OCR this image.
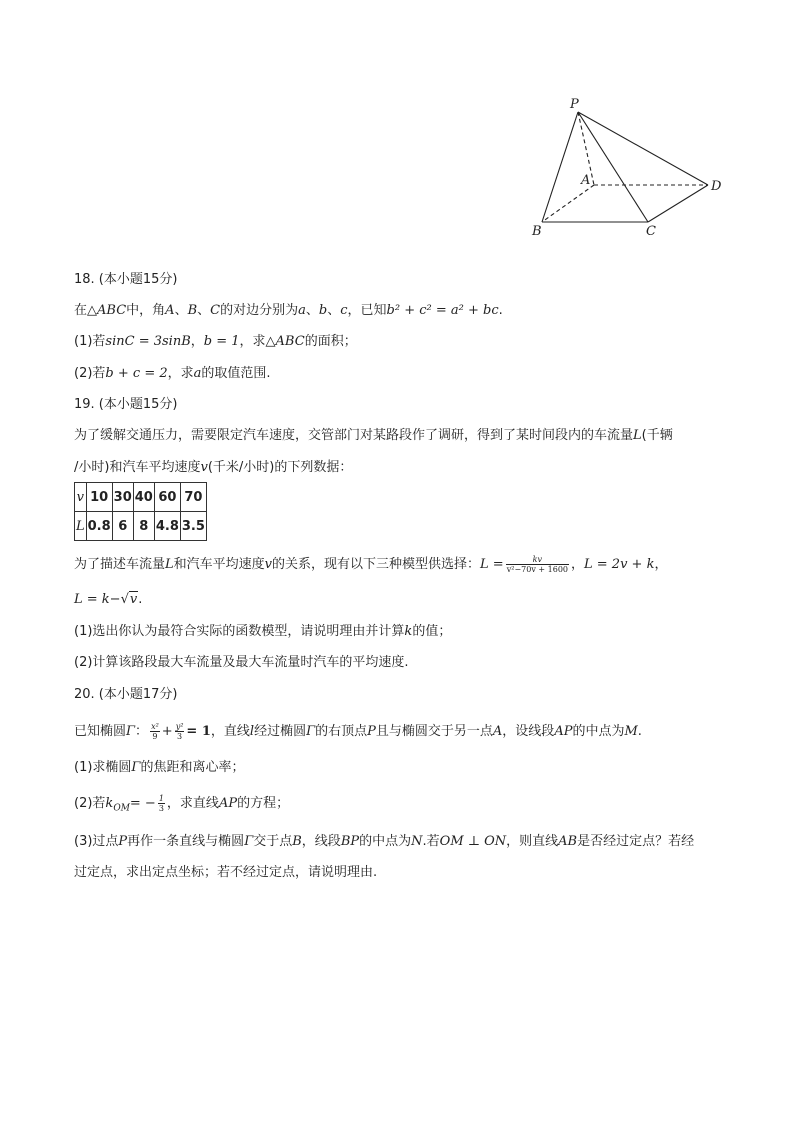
P
A
B	C
D
18. (本小题15分)
在△ABC中，角A、B、C的对边分别为a、b、c，已知b² + c² = a² + bc.
(1)若sinC = 3sinB，b = 1，求△ABC的面积；
(2)若b + c = 2，求a的取值范围.
19. (本小题15分)
为了缓解交通压力，需要限定汽车速度，交管部门对某路段作了调研，得到了某时间段内的车流量L(千辆
/小时)和汽车平均速度v(千米/小时)的下列数据：
v	10	30	40	60	70
L	0.8	6	8	4.8	3.5
为了描述车流量L和汽车平均速度v的关系，现有以下三种模型供选择：$L = \frac{kv}{\text{v²−70v + 1600}}$ ，L = 2v + k，
L = k−√v.
(1)选出你认为最符合实际的函数模型，请说明理由并计算k的值；
(2)计算该路段最大车流量及最大车流量时汽车的平均速度.
20. (本小题17分)
已知椭圆Γ： $\frac{\text{x²}}{9} + \frac{\text{y²}}{3} = 1$，直线l经过椭圆Γ的右顶点P且与椭圆交于另一点A，设线段AP的中点为M.
(1)求椭圆Γ的焦距和离心率；
(2)若$k_{OM}= - \frac{1}{3}$ ，求直线AP的方程；
(3)过点P再作一条直线与椭圆Γ交于点B，线段BP的中点为N.若OM ⊥ ON，则直线AB是否经过定点？若经
过定点，求出定点坐标；若不经过定点，请说明理由.
